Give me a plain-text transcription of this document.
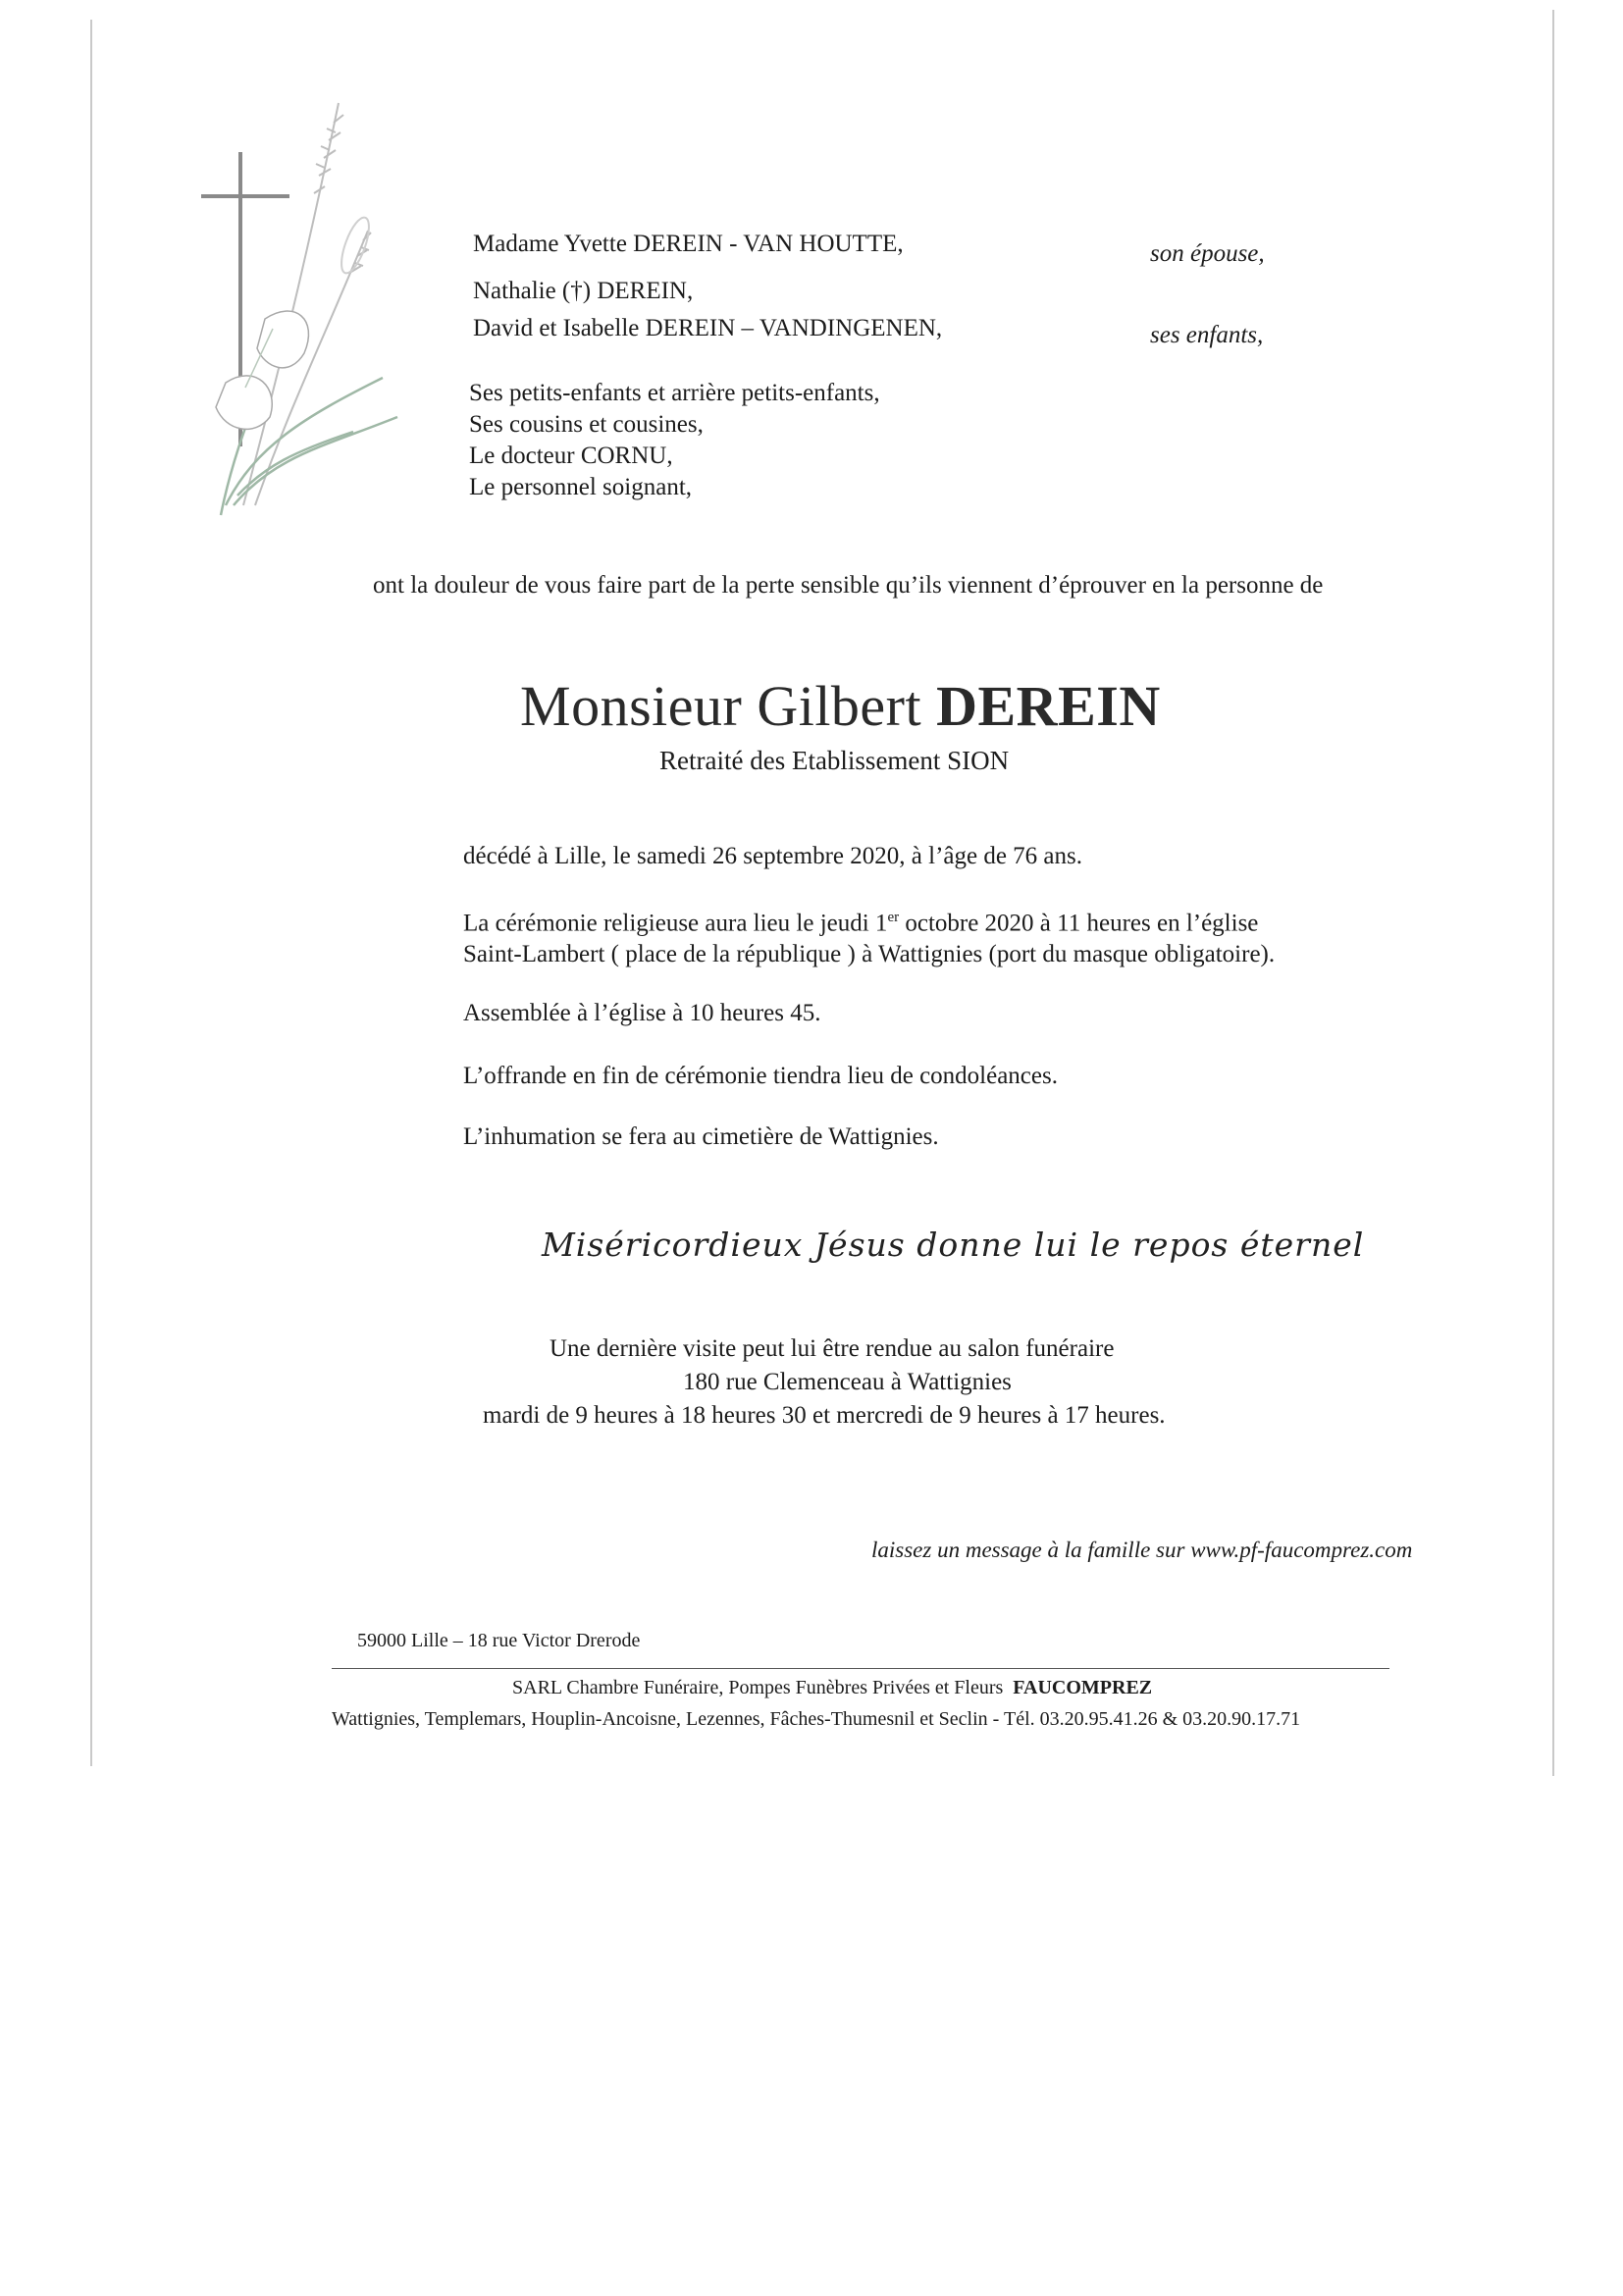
Madame Yvette DEREIN - VAN HOUTTE,	son épouse,
Nathalie (†) DEREIN,
David et Isabelle DEREIN – VANDINGENEN,	ses enfants,
Ses petits-enfants et arrière petits-enfants,
Ses cousins et cousines,
Le docteur CORNU,
Le personnel soignant,
ont la douleur de vous faire part de la perte sensible qu’ils viennent d’éprouver en la personne de
Monsieur Gilbert DEREIN
Retraité des Etablissement SION
décédé à Lille, le samedi 26 septembre 2020, à l’âge de 76 ans.
La cérémonie religieuse aura lieu le jeudi 1er octobre 2020 à 11 heures en l’église
Saint-Lambert ( place de la république ) à Wattignies (port du masque obligatoire).
Assemblée à l’église à 10 heures 45.
L’offrande en fin de cérémonie tiendra lieu de condoléances.
L’inhumation se fera au cimetière de Wattignies.
Miséricordieux Jésus donne lui le repos éternel
Une dernière visite peut lui être rendue au salon funéraire
180 rue Clemenceau à Wattignies
mardi de 9 heures à 18 heures 30 et mercredi de 9 heures à 17 heures.
laissez un message à la famille sur www.pf-faucomprez.com
59000 Lille – 18 rue Victor Drerode
SARL Chambre Funéraire, Pompes Funèbres Privées et Fleurs FAUCOMPREZ
Wattignies, Templemars, Houplin-Ancoisne, Lezennes, Fâches-Thumesnil et Seclin - Tél. 03.20.95.41.26 & 03.20.90.17.71
